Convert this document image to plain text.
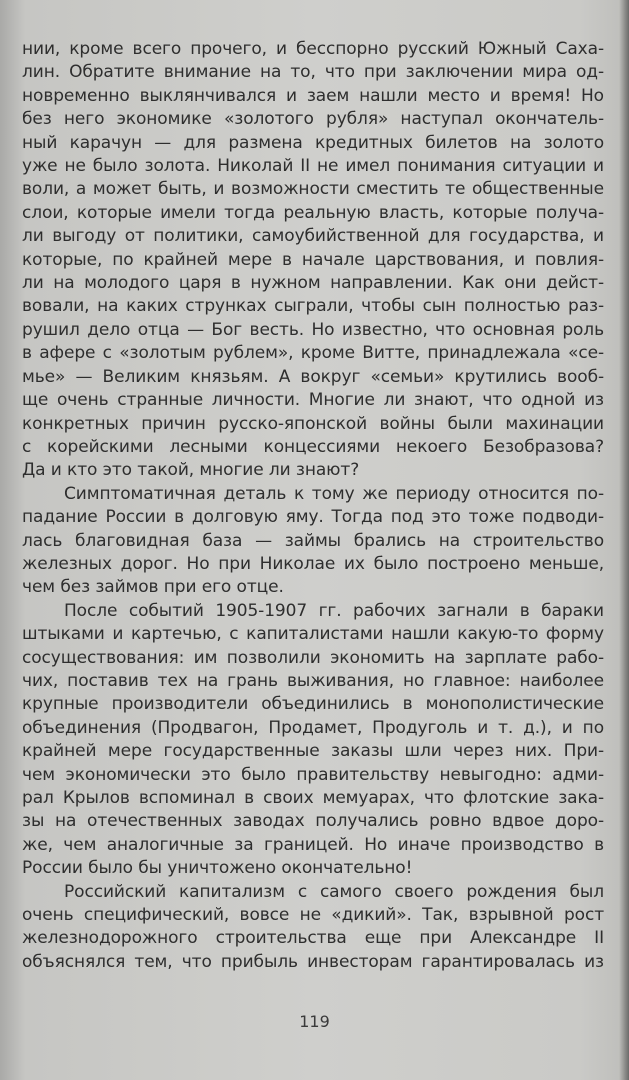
нии, кроме всего прочего, и бесспорно русский Южный Саха-
лин. Обратите внимание на то, что при заключении мира од-
новременно выклянчивался и заем нашли место и время! Но
без него экономике «золотого рубля» наступал окончатель-
ный карачун — для размена кредитных билетов на золото
уже не было золота. Николай II не имел понимания ситуации и
воли, а может быть, и возможности сместить те общественные
слои, которые имели тогда реальную власть, которые получа-
ли выгоду от политики, самоубийственной для государства, и
которые, по крайней мере в начале царствования, и повлия-
ли на молодого царя в нужном направлении. Как они дейст-
вовали, на каких струнках сыграли, чтобы сын полностью раз-
рушил дело отца — Бог весть. Но известно, что основная роль
в афере с «золотым рублем», кроме Витте, принадлежала «се-
мье» — Великим князьям. А вокруг «семьи» крутились вооб-
ще очень странные личности. Многие ли знают, что одной из
конкретных причин русско-японской войны были махинации
с корейскими лесными концессиями некоего Безобразова?
Да и кто это такой, многие ли знают?

Симптоматичная деталь к тому же периоду относится по-
падание России в долговую яму. Тогда под это тоже подводи-
лась благовидная база — займы брались на строительство
железных дорог. Но при Николае их было построено меньше,
чем без займов при его отце.

После событий 1905-1907 гг. рабочих загнали в бараки
штыками и картечью, с капиталистами нашли какую-то форму
сосуществования: им позволили экономить на зарплате рабо-
чих, поставив тех на грань выживания, но главное: наиболее
крупные производители объединились в монополистические
объединения (Продвагон, Продамет, Продуголь и т. д.), и по
крайней мере государственные заказы шли через них. При-
чем экономически это было правительству невыгодно: адми-
рал Крылов вспоминал в своих мемуарах, что флотские зака-
зы на отечественных заводах получались ровно вдвое доро-
же, чем аналогичные за границей. Но иначе производство в
России было бы уничтожено окончательно!

Российский капитализм с самого своего рождения был
очень специфический, вовсе не «дикий». Так, взрывной рост
железнодорожного строительства еще при Александре II
объяснялся тем, что прибыль инвесторам гарантировалась из

119
